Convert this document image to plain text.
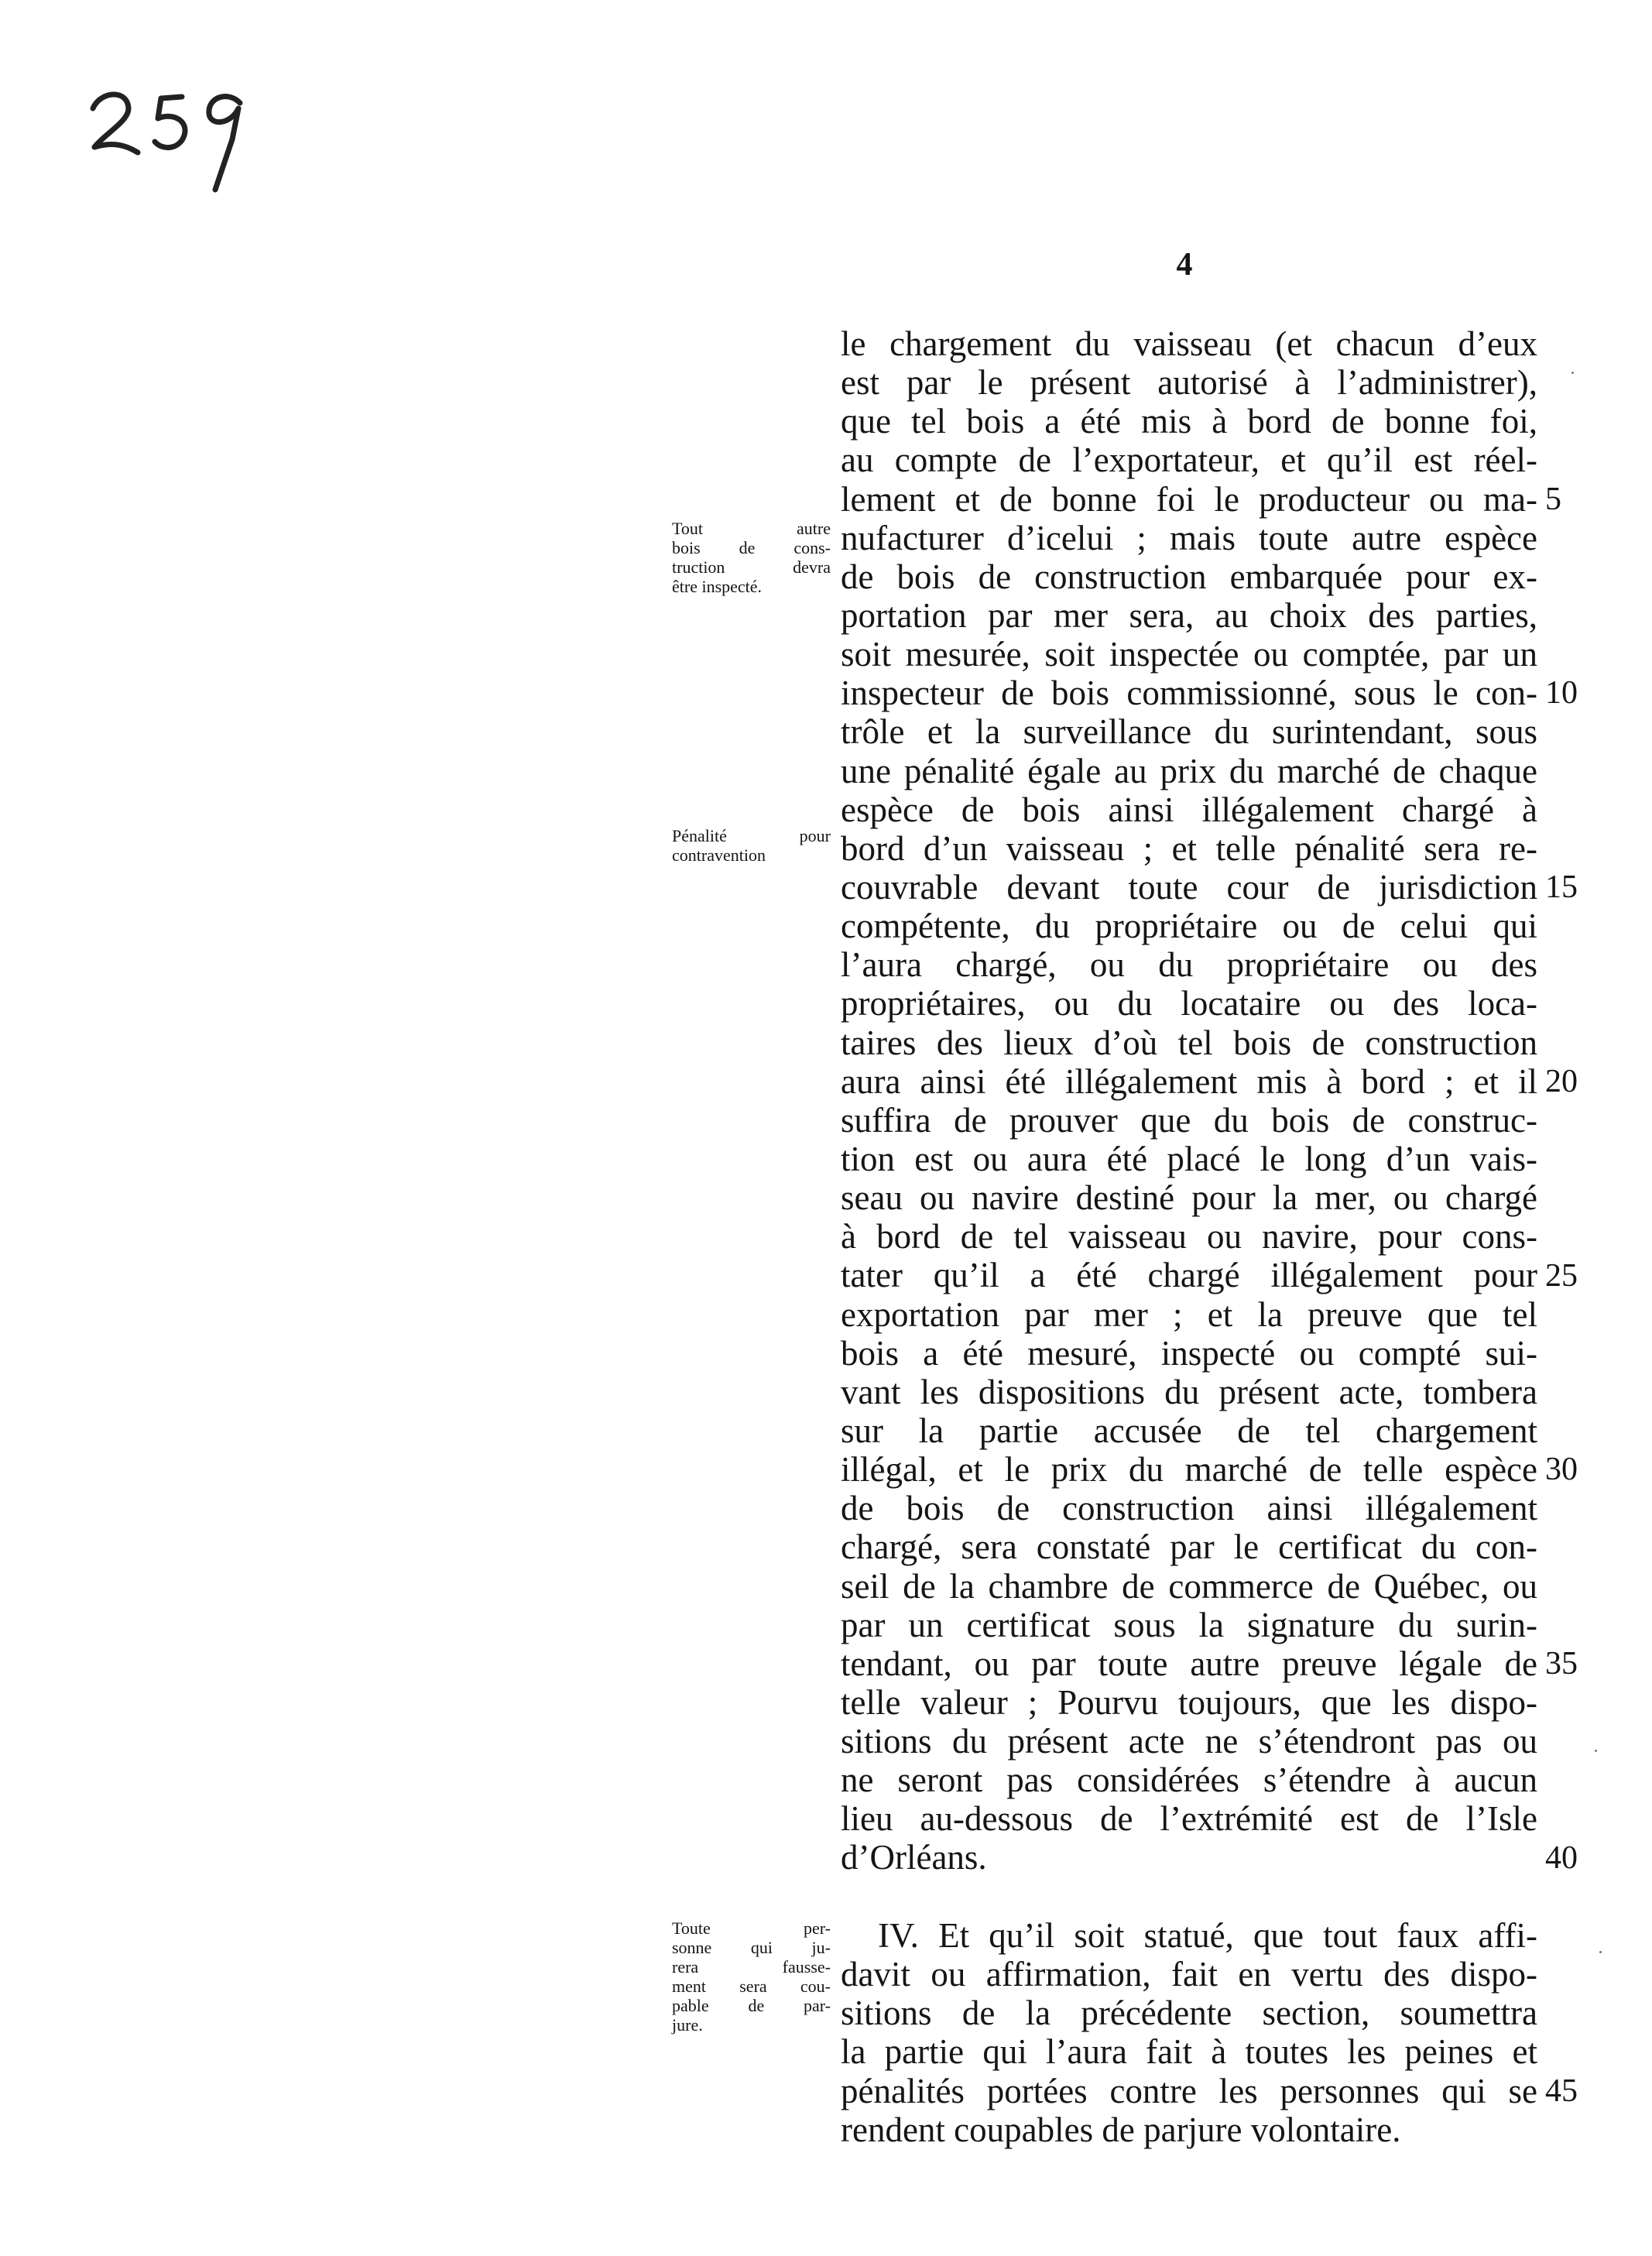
4
le chargement du vaisseau (et chacun d’eux
est par le présent autorisé à l’administrer),
que tel bois a été mis à bord de bonne foi,
au compte de l’exportateur, et qu’il est réel-
lement et de bonne foi le producteur ou ma-
nufacturer d’icelui ; mais toute autre espèce
de bois de construction embarquée pour ex-
portation par mer sera, au choix des parties,
soit mesurée, soit inspectée ou comptée, par un
inspecteur de bois commissionné, sous le con-
trôle et la surveillance du surintendant, sous
une pénalité égale au prix du marché de chaque
espèce de bois ainsi illégalement chargé à
bord d’un vaisseau ; et telle pénalité sera re-
couvrable devant toute cour de jurisdiction
compétente, du propriétaire ou de celui qui
l’aura chargé, ou du propriétaire ou des
propriétaires, ou du locataire ou des loca-
taires des lieux d’où tel bois de construction
aura ainsi été illégalement mis à bord ; et il
suffira de prouver que du bois de construc-
tion est ou aura été placé le long d’un vais-
seau ou navire destiné pour la mer, ou chargé
à bord de tel vaisseau ou navire, pour cons-
tater qu’il a été chargé illégalement pour
exportation par mer ; et la preuve que tel
bois a été mesuré, inspecté ou compté sui-
vant les dispositions du présent acte, tombera
sur la partie accusée de tel chargement
illégal, et le prix du marché de telle espèce
de bois de construction ainsi illégalement
chargé, sera constaté par le certificat du con-
seil de la chambre de commerce de Québec, ou
par un certificat sous la signature du surin-
tendant, ou par toute autre preuve légale de
telle valeur ; Pourvu toujours, que les dispo-
sitions du présent acte ne s’étendront pas ou
ne seront pas considérées s’étendre à aucun
lieu au-dessous de l’extrémité est de l’Isle
d’Orléans.
IV. Et qu’il soit statué, que tout faux affi-
davit ou affirmation, fait en vertu des dispo-
sitions de la précédente section, soumettra
la partie qui l’aura fait à toutes les peines et
pénalités portées contre les personnes qui se
rendent coupables de parjure volontaire.
5
10
15
20
25
30
35
40
45
Tout autre
bois de cons-
truction devra
être inspecté.
Pénalité pour
contravention
Toute per-
sonne qui ju-
rera fausse-
ment sera cou-
pable de par-
jure.
